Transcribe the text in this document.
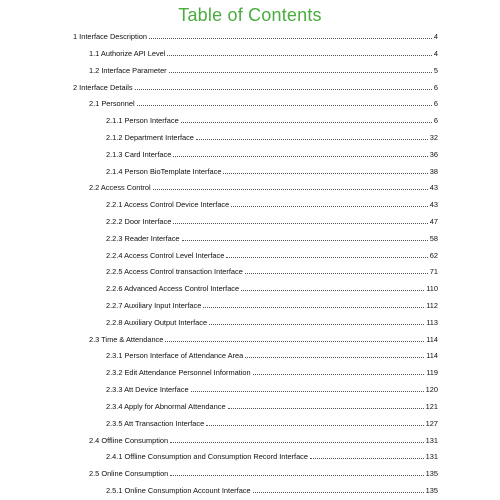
Table of Contents
1 Interface Description	4
1.1 Authorize API Level	4
1.2 Interface Parameter	5
2 Interface Details	6
2.1 Personnel	6
2.1.1 Person Interface	6
2.1.2 Department Interface	32
2.1.3 Card Interface	36
2.1.4 Person BioTemplate Interface	38
2.2 Access Control	43
2.2.1 Access Control Device Interface	43
2.2.2 Door Interface	47
2.2.3 Reader Interface	58
2.2.4 Access Control Level Interface	62
2.2.5 Access Control transaction Interface	71
2.2.6 Advanced Access Control Interface	110
2.2.7 Auxiliary Input Interface	112
2.2.8 Auxiliary Output Interface	113
2.3 Time & Attendance	114
2.3.1 Person Interface of Attendance Area	114
2.3.2 Edit Attendance Personnel Information	119
2.3.3 Att Device Interface	120
2.3.4 Apply for Abnormal Attendance	121
2.3.5 Att Transaction Interface	127
2.4 Offline Consumption	131
2.4.1 Offline Consumption and Consumption Record Interface	131
2.5 Online Consumption	135
2.5.1 Online Consumption Account Interface	135
